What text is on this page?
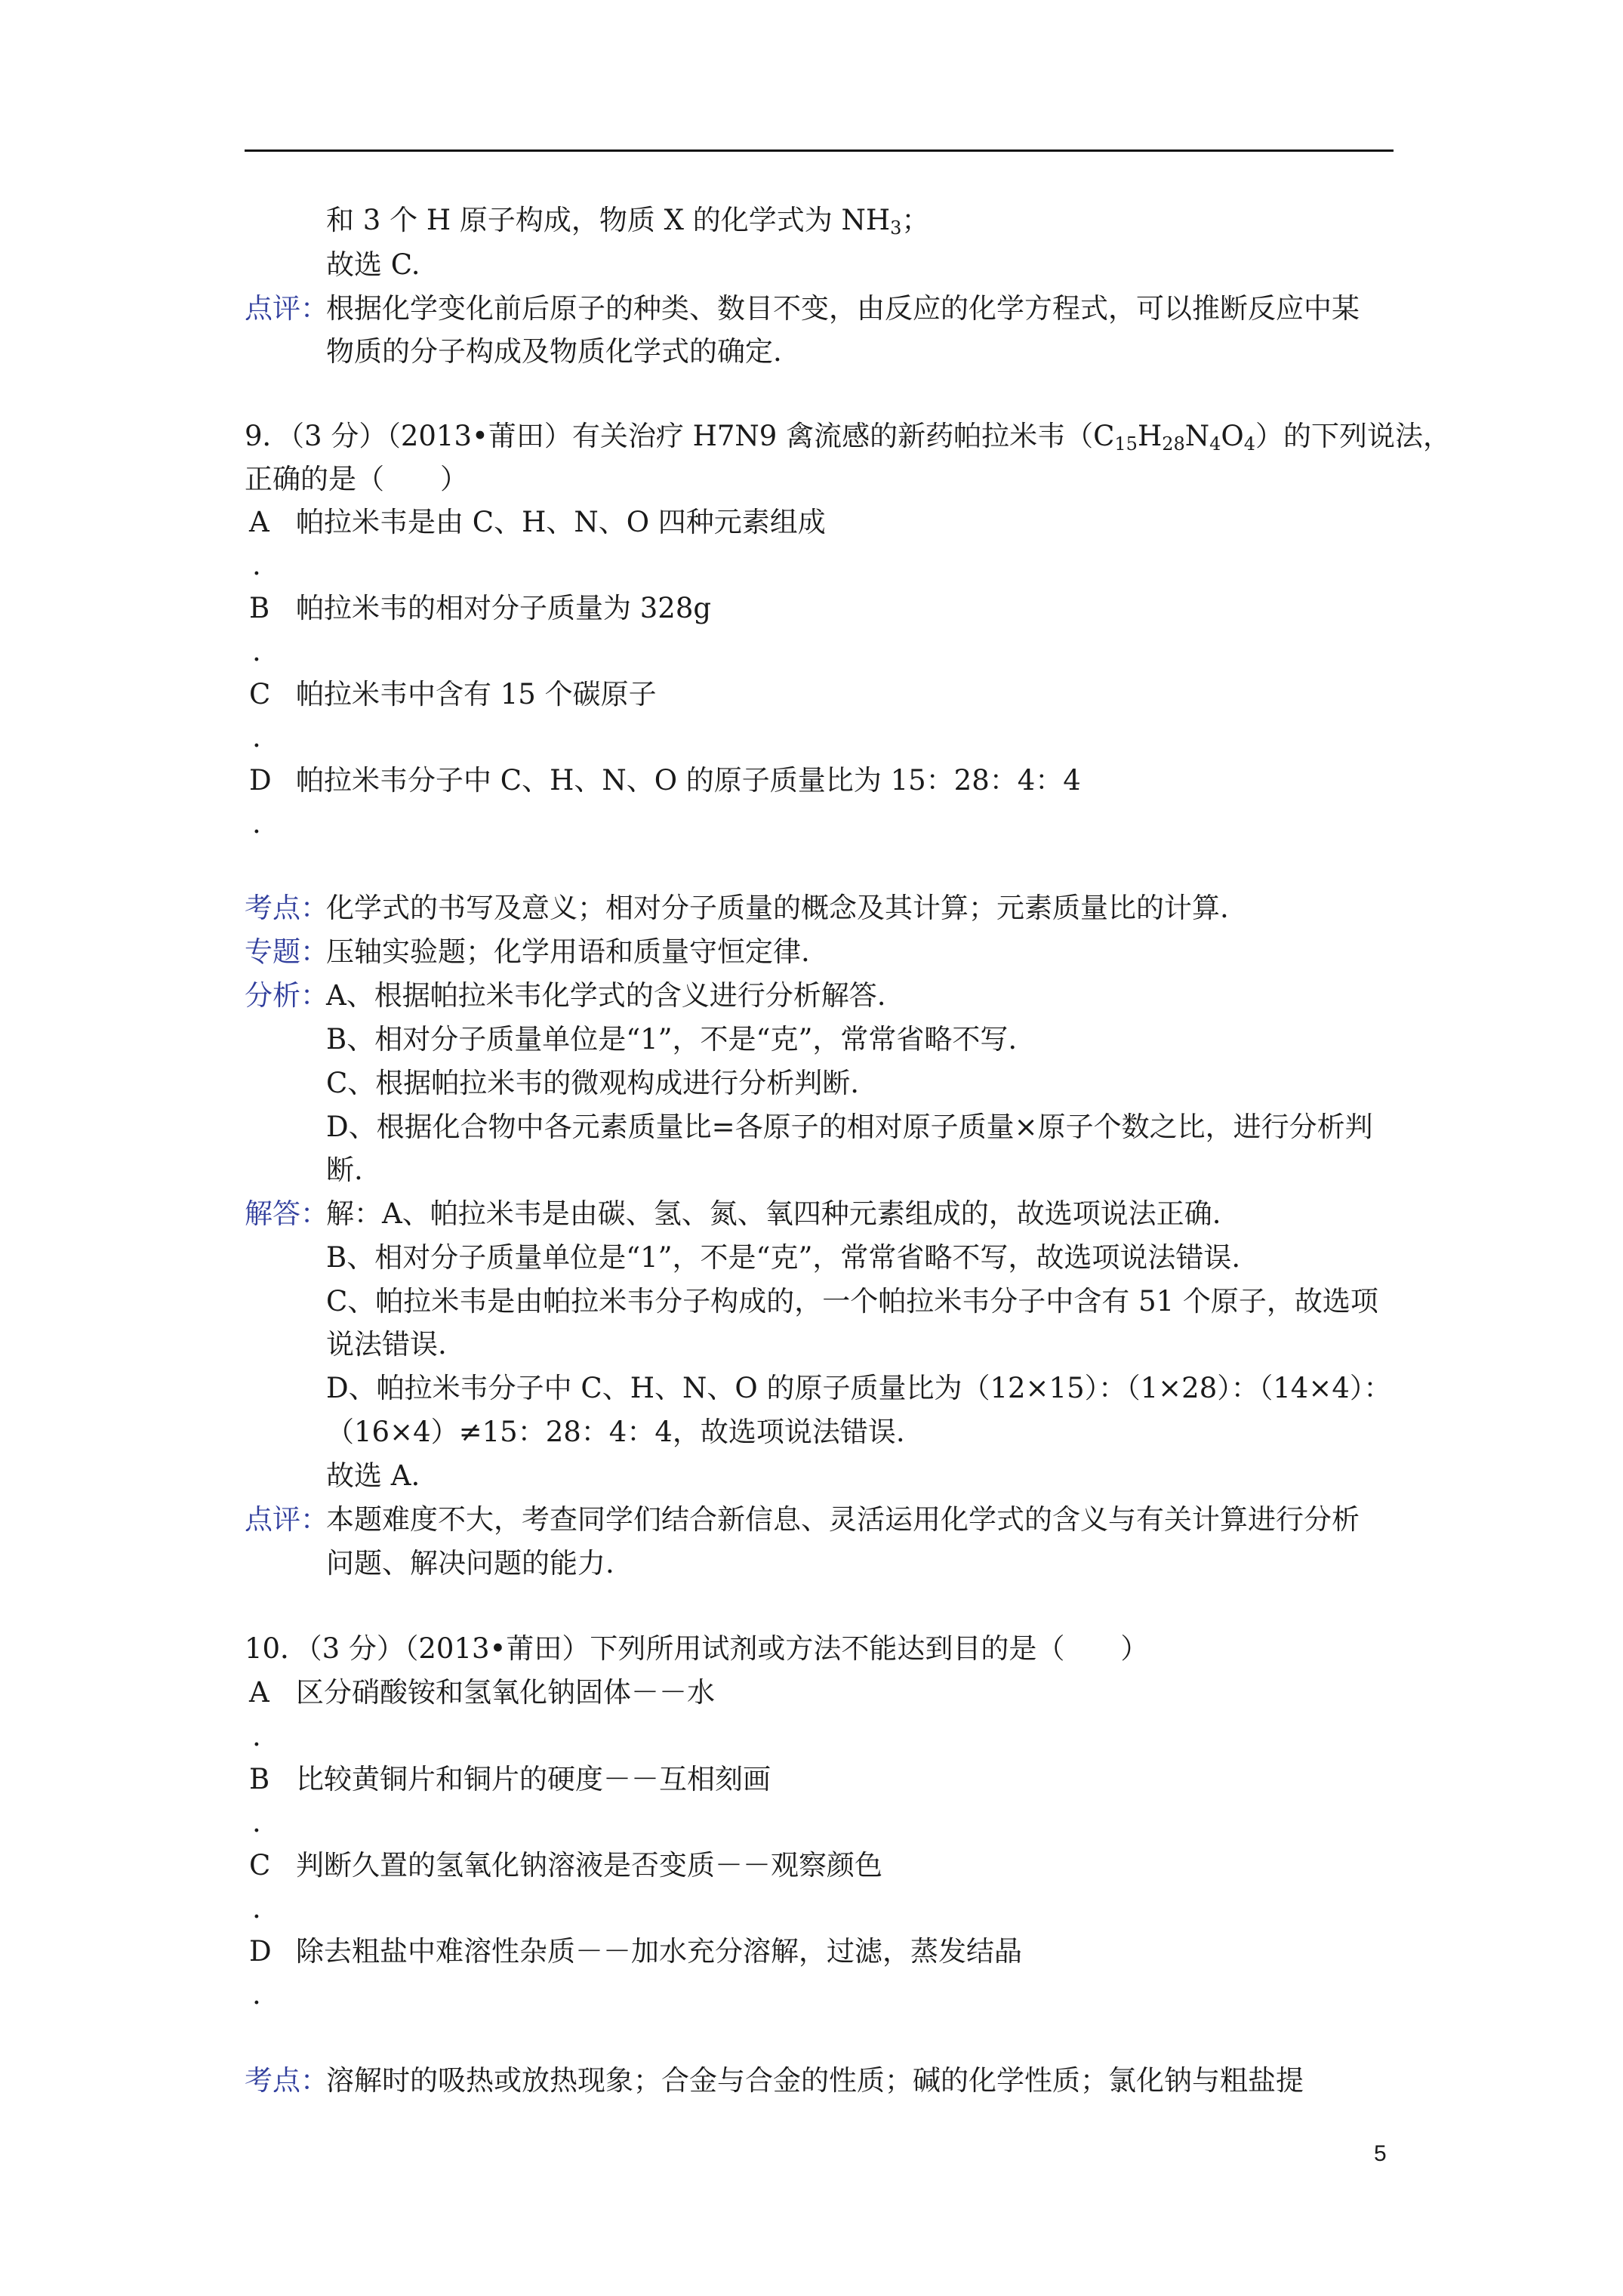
和 3 个 H 原子构成，物质 X 的化学式为 $NH_3$；
故选 C.
点评：
根据化学变化前后原子的种类、数目不变，由反应的化学方程式，可以推断反应中某
物质的分子构成及物质化学式的确定.
9．（3 分）（2013•莆田）有关治疗 H7N9 禽流感的新药帕拉米韦$(C_{15}H_{28}N_4O_4)$的下列说法，
正确的是（　　）
A 帕拉米韦是由 C、H、N、O 四种元素组成
.
B 帕拉米韦的相对分子质量为 328g
.
C 帕拉米韦中含有 15 个碳原子
.
D 帕拉米韦分子中 C、H、N、O 的原子质量比为 15：28：4：4
.
考点：
化学式的书写及意义；相对分子质量的概念及其计算；元素质量比的计算.
专题：
压轴实验题；化学用语和质量守恒定律.
分析：
A、根据帕拉米韦化学式的含义进行分析解答.
B、相对分子质量单位是“1”，不是“克”，常常省略不写.
C、根据帕拉米韦的微观构成进行分析判断.
D、根据化合物中各元素质量比=各原子的相对原子质量×原子个数之比，进行分析判
断.
解答：
解：A、帕拉米韦是由碳、氢、氮、氧四种元素组成的，故选项说法正确.
B、相对分子质量单位是“1”，不是“克”，常常省略不写，故选项说法错误.
C、帕拉米韦是由帕拉米韦分子构成的，一个帕拉米韦分子中含有 51 个原子，故选项
说法错误.
D、帕拉米韦分子中 C、H、N、O 的原子质量比为（12×15）：（1×28）：（14×4）：
（16×4）≠15：28：4：4，故选项说法错误.
故选 A.
点评：
本题难度不大，考查同学们结合新信息、灵活运用化学式的含义与有关计算进行分析
问题、解决问题的能力.
10．（3 分）（2013•莆田）下列所用试剂或方法不能达到目的是（　　）
A 区分硝酸铵和氢氧化钠固体－－水
.
B 比较黄铜片和铜片的硬度－－互相刻画
.
C 判断久置的氢氧化钠溶液是否变质－－观察颜色
.
D 除去粗盐中难溶性杂质－－加水充分溶解，过滤，蒸发结晶
.
考点：
溶解时的吸热或放热现象；合金与合金的性质；碱的化学性质；氯化钠与粗盐提
5
